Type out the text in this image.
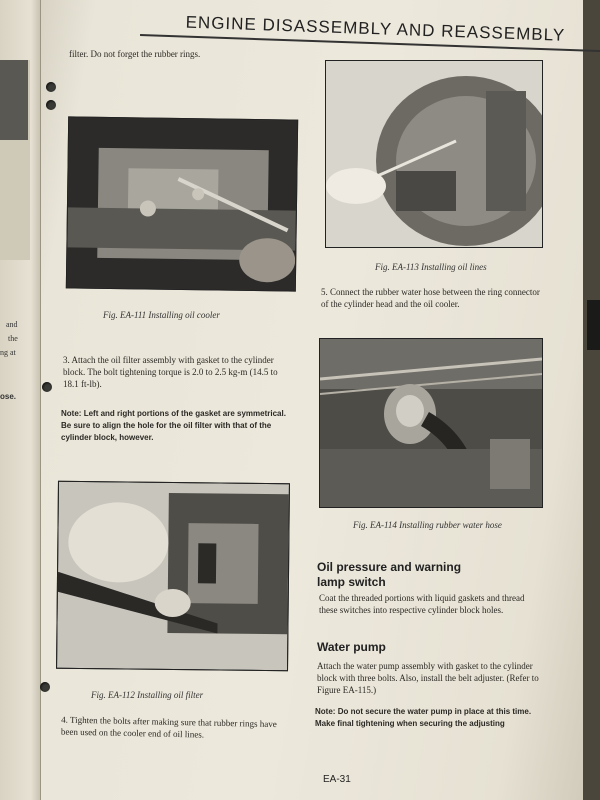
and
the
ng at
ose.
ENGINE DISASSEMBLY AND REASSEMBLY
filter. Do not forget the rubber rings.
Fig. EA-111 Installing oil cooler
3. Attach the oil filter assembly with gasket to the cylinder block. The bolt tightening torque is 2.0 to 2.5 kg-m (14.5 to 18.1 ft-lb).
Note: Left and right portions of the gasket are symmetrical. Be sure to align the hole for the oil filter with that of the cylinder block, however.
Fig. EA-112 Installing oil filter
4. Tighten the bolts after making sure that rubber rings have been used on the cooler end of oil lines.
Fig. EA-113 Installing oil lines
5. Connect the rubber water hose between the ring connector of the cylinder head and the oil cooler.
Fig. EA-114 Installing rubber water hose
Oil pressure and warning lamp switch
Coat the threaded portions with liquid gaskets and thread these switches into respective cylinder block holes.
Water pump
Attach the water pump assembly with gasket to the cylinder block with three bolts. Also, install the belt adjuster. (Refer to Figure EA-115.)
Note: Do not secure the water pump in place at this time. Make final tightening when securing the adjusting
EA-31
